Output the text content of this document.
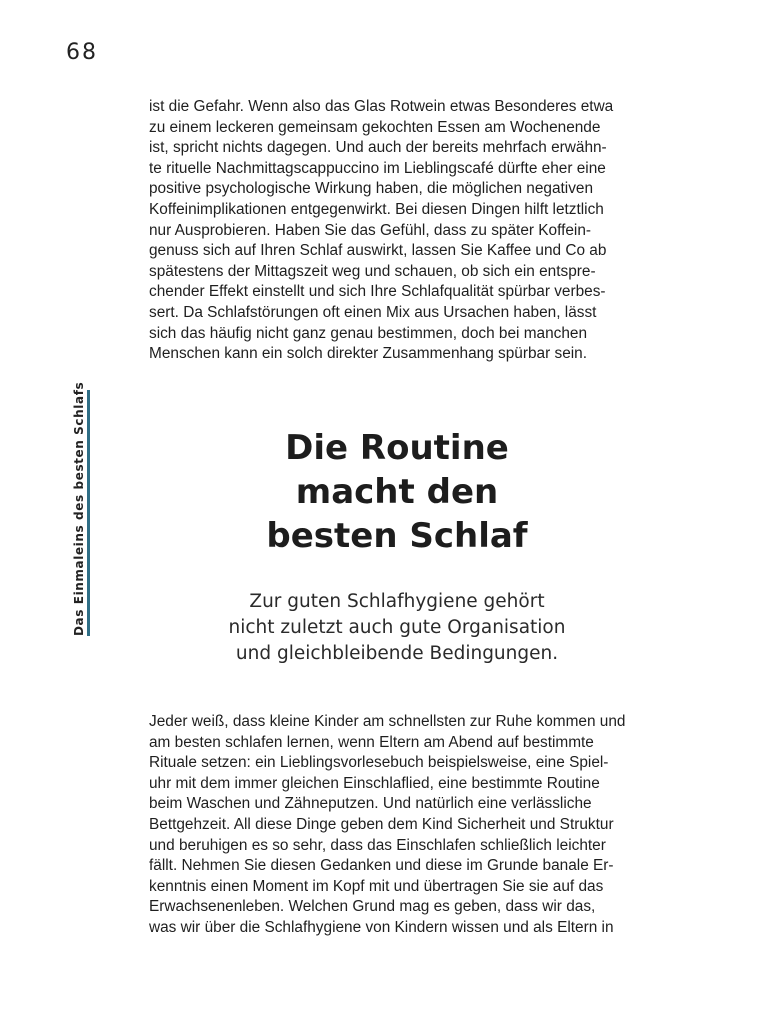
68
Das Einmaleins des besten Schlafs
ist die Gefahr. Wenn also das Glas Rotwein etwas Besonderes etwa
zu einem leckeren gemeinsam gekochten Essen am Wochenende
ist, spricht nichts dagegen. Und auch der bereits mehrfach erwähn-
te rituelle Nachmittagscappuccino im Lieblingscafé dürfte eher eine
positive psychologische Wirkung haben, die möglichen negativen
Koffeinimplikationen entgegenwirkt. Bei diesen Dingen hilft letztlich
nur Ausprobieren. Haben Sie das Gefühl, dass zu später Koffein-
genuss sich auf Ihren Schlaf auswirkt, lassen Sie Kaffee und Co ab
spätestens der Mittagszeit weg und schauen, ob sich ein entspre-
chender Effekt einstellt und sich Ihre Schlafqualität spürbar verbes-
sert. Da Schlafstörungen oft einen Mix aus Ursachen haben, lässt
sich das häufig nicht ganz genau bestimmen, doch bei manchen
Menschen kann ein solch direkter Zusammenhang spürbar sein.
Die Routine
macht den
besten Schlaf
Zur guten Schlafhygiene gehört
nicht zuletzt auch gute Organisation
und gleichbleibende Bedingungen.
Jeder weiß, dass kleine Kinder am schnellsten zur Ruhe kommen und
am besten schlafen lernen, wenn Eltern am Abend auf bestimmte
Rituale setzen: ein Lieblingsvorlesebuch beispielsweise, eine Spiel-
uhr mit dem immer gleichen Einschlaflied, eine bestimmte Routine
beim Waschen und Zähneputzen. Und natürlich eine verlässliche
Bettgehzeit. All diese Dinge geben dem Kind Sicherheit und Struktur
und beruhigen es so sehr, dass das Einschlafen schließlich leichter
fällt. Nehmen Sie diesen Gedanken und diese im Grunde banale Er-
kenntnis einen Moment im Kopf mit und übertragen Sie sie auf das
Erwachsenenleben. Welchen Grund mag es geben, dass wir das,
was wir über die Schlafhygiene von Kindern wissen und als Eltern in
